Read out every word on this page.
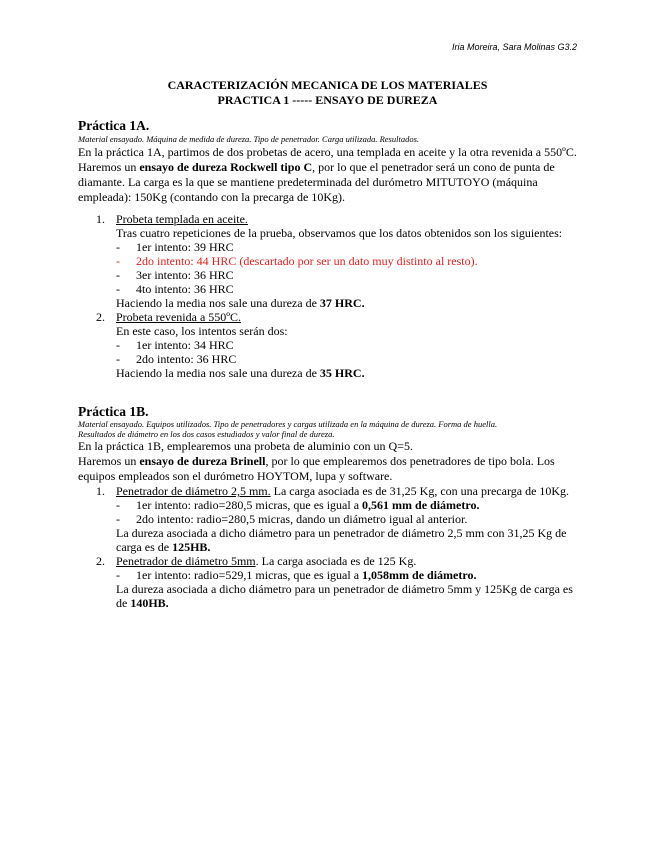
Iria Moreira, Sara Molinas G3.2
CARACTERIZACIÓN MECANICA DE LOS MATERIALES
PRACTICA 1 ----- ENSAYO DE DUREZA
Práctica 1A.
Material ensayado. Máquina de medida de dureza. Tipo de penetrador. Carga utilizada. Resultados.
En la práctica 1A, partimos de dos probetas de acero, una templada en aceite y la otra revenida a 550ºC.
Haremos un ensayo de dureza Rockwell tipo C, por lo que el penetrador será un cono de punta de
diamante. La carga es la que se mantiene predeterminada del durómetro MITUTOYO (máquina
empleada): 150Kg (contando con la precarga de 10Kg).
1. Probeta templada en aceite.
Tras cuatro repeticiones de la prueba, observamos que los datos obtenidos son los siguientes:
- 1er intento: 39 HRC
- 2do intento: 44 HRC (descartado por ser un dato muy distinto al resto).
- 3er intento: 36 HRC
- 4to intento: 36 HRC
Haciendo la media nos sale una dureza de 37 HRC.
2. Probeta revenida a 550ºC.
En este caso, los intentos serán dos:
- 1er intento: 34 HRC
- 2do intento: 36 HRC
Haciendo la media nos sale una dureza de 35 HRC.
Práctica 1B.
Material ensayado. Equipos utilizados. Tipo de penetradores y cargas utilizada en la máquina de dureza. Forma de huella.
Resultados de diámetro en los dos casos estudiados y valor final de dureza.
En la práctica 1B, emplearemos una probeta de aluminio con un Q=5.
Haremos un ensayo de dureza Brinell, por lo que emplearemos dos penetradores de tipo bola. Los
equipos empleados son el durómetro HOYTOM, lupa y software.
1. Penetrador de diámetro 2,5 mm. La carga asociada es de 31,25 Kg, con una precarga de 10Kg.
- 1er intento: radio=280,5 micras, que es igual a 0,561 mm de diámetro.
- 2do intento: radio=280,5 micras, dando un diámetro igual al anterior.
La dureza asociada a dicho diámetro para un penetrador de diámetro 2,5 mm con 31,25 Kg de
carga es de 125HB.
2. Penetrador de diámetro 5mm. La carga asociada es de 125 Kg.
- 1er intento: radio=529,1 micras, que es igual a 1,058mm de diámetro.
La dureza asociada a dicho diámetro para un penetrador de diámetro 5mm y 125Kg de carga es
de 140HB.
